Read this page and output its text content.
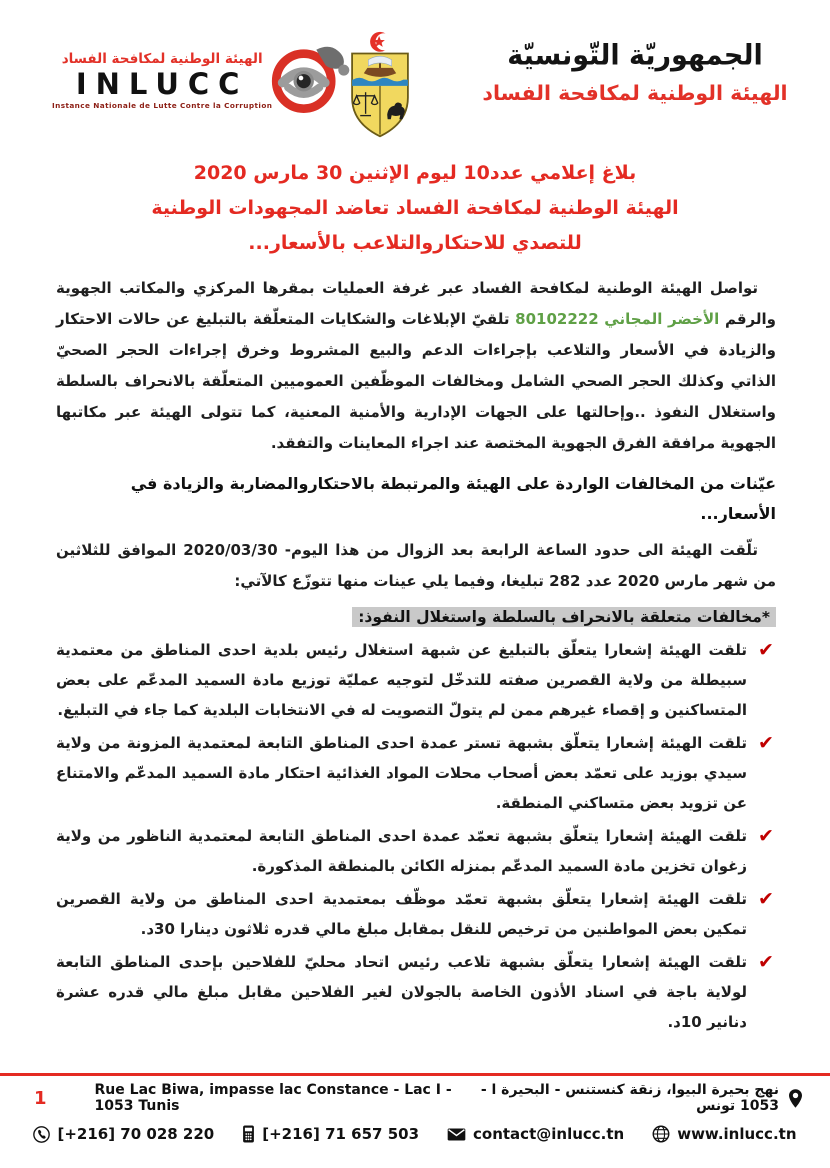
الهيئة الوطنية لمكافحة الفساد
INLUCC
Instance Nationale de Lutte Contre la Corruption
الجمهوريّة التّونسيّة
الهيئة الوطنية لمكافحة الفساد
بلاغ إعلامي عدد10 ليوم الإثنين 30 مارس 2020
الهيئة الوطنية لمكافحة الفساد تعاضد المجهودات الوطنية
للتصدي للاحتكاروالتلاعب بالأسعار...

تواصل الهيئة الوطنية لمكافحة الفساد عبر غرفة العمليات بمقرها المركزي والمكاتب الجهوية والرقم الأخضر المجاني 80102222 تلقيّ الإبلاغات والشكايات المتعلّقة بالتبليغ عن حالات الاحتكار والزيادة في الأسعار والتلاعب بإجراءات الدعم والبيع المشروط وخرق إجراءات الحجر الصحيّ الذاتي وكذلك الحجر الصحي الشامل ومخالفات الموظّفين العموميين المتعلّقة بالانحراف بالسلطة واستغلال النفوذ ..وإحالتها على الجهات الإدارية والأمنية المعنية، كما تتولى الهيئة عبر مكاتبها الجهوية مرافقة الفرق الجهوية المختصة عند اجراء المعاينات والتفقد.

عيّنات من المخالفات الواردة على الهيئة والمرتبطة بالاحتكاروالمضاربة والزيادة في الأسعار...

تلّقت الهيئة الى حدود الساعة الرابعة بعد الزوال من هذا اليوم- 2020/03/30 الموافق للثلاثين من شهر مارس 2020 عدد 282 تبليغا، وفيما يلي عينات منها تتوزّع كالآتي:

*مخالفات متعلقة بالانحراف بالسلطة واستغلال النفوذ:
✔
تلقت الهيئة إشعارا يتعلّق بالتبليغ عن شبهة استغلال رئيس بلدية احدى المناطق من معتمدية سبيطلة من ولاية القصرين صفته للتدخّل لتوجيه عمليّة توزيع مادة السميد المدعّم على بعض المتساكنين و إقصاء غيرهم ممن لم يتولّ التصويت له في الانتخابات البلدية كما جاء في التبليغ.
✔
تلقت الهيئة إشعارا يتعلّق بشبهة تستر عمدة احدى المناطق التابعة لمعتمدية المزونة من ولاية سيدي بوزيد على تعمّد بعض أصحاب محلات المواد الغذائية احتكار مادة السميد المدعّم والامتناع عن تزويد بعض متساكني المنطقة.
✔
تلقت الهيئة إشعارا يتعلّق بشبهة تعمّد عمدة احدى المناطق التابعة لمعتمدية الناظور من ولاية زغوان تخزين مادة السميد المدعّم بمنزله الكائن بالمنطقة المذكورة.
✔
تلقت الهيئة إشعارا يتعلّق بشبهة تعمّد موظّف بمعتمدية احدى المناطق من ولاية القصرين تمكين بعض المواطنين من ترخيص للنقل بمقابل مبلغ مالي قدره ثلاثون دينارا 30د.
✔
تلقت الهيئة إشعارا يتعلّق بشبهة تلاعب رئيس اتحاد محليّ للفلاحين بإحدى المناطق التابعة لولاية باجة في اسناد الأذون الخاصة بالجولان لغير الفلاحين مقابل مبلغ مالي قدره عشرة دنانير 10د.
1	Rue Lac Biwa, impasse lac Constance - Lac I - 1053 Tunis
نهج بحيرة البيوا، زنقة كنستنس - البحيرة ا - 1053 تونس
[+216] 70 028 220	[+216] 71 657 503	contact@inlucc.tn	www.inlucc.tn
